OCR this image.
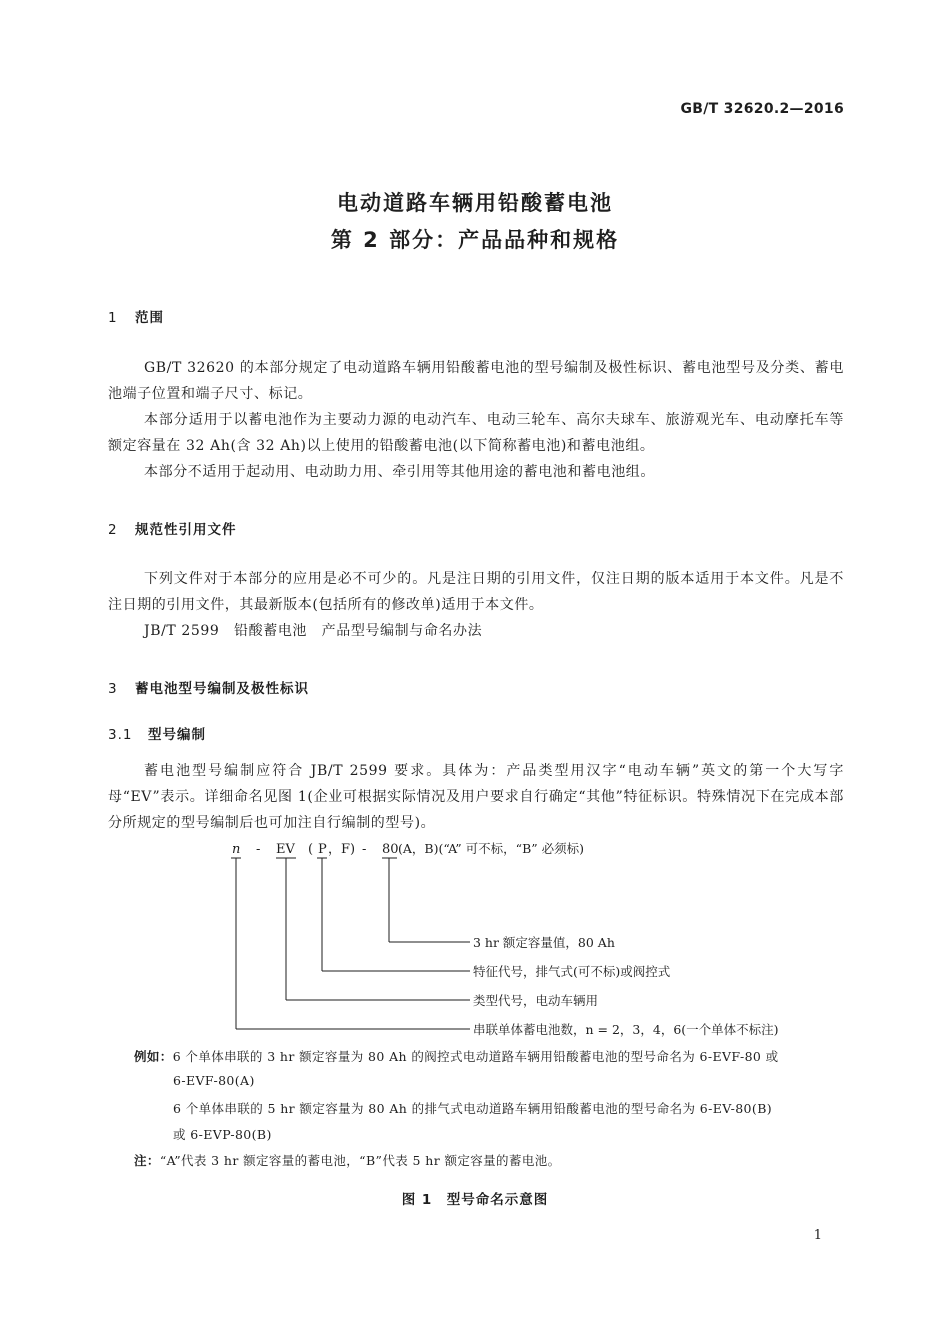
GB/T 32620.2—2016
电动道路车辆用铅酸蓄电池
第 2 部分：产品品种和规格
1 范围

GB/T 32620 的本部分规定了电动道路车辆用铅酸蓄电池的型号编制及极性标识、蓄电池型号及分类、蓄电池端子位置和端子尺寸、标记。

本部分适用于以蓄电池作为主要动力源的电动汽车、电动三轮车、高尔夫球车、旅游观光车、电动摩托车等额定容量在 32 Ah(含 32 Ah)以上使用的铅酸蓄电池(以下简称蓄电池)和蓄电池组。

本部分不适用于起动用、电动助力用、牵引用等其他用途的蓄电池和蓄电池组。

2 规范性引用文件

下列文件对于本部分的应用是必不可少的。凡是注日期的引用文件，仅注日期的版本适用于本文件。凡是不注日期的引用文件，其最新版本(包括所有的修改单)适用于本文件。

JB/T 2599　铅酸蓄电池　产品型号编制与命名办法

3 蓄电池型号编制及极性标识
3.1 型号编制

蓄电池型号编制应符合 JB/T 2599 要求。具体为：产品类型用汉字“电动车辆”英文的第一个大写字母“EV”表示。详细命名见图 1(企业可根据实际情况及用户要求自行确定“其他”特征标识。特殊情况下在完成本部分所规定的型号编制后也可加注自行编制的型号)。

n - EV ( P ，F) - 80 (A，B)(“A” 可不标，“B” 必须标)
3 hr 额定容量值，80 Ah
特征代号，排气式(可不标)或阀控式
类型代号，电动车辆用
串联单体蓄电池数，n = 2，3，4，6(一个单体不标注)
例如：6 个单体串联的 3 hr 额定容量为 80 Ah 的阀控式电动道路车辆用铅酸蓄电池的型号命名为 6-EVF-80 或
6-EVF-80(A)
6 个单体串联的 5 hr 额定容量为 80 Ah 的排气式电动道路车辆用铅酸蓄电池的型号命名为 6-EV-80(B)
或 6-EVP-80(B)
注：“A”代表 3 hr 额定容量的蓄电池，“B”代表 5 hr 额定容量的蓄电池。
图 1　型号命名示意图
1
